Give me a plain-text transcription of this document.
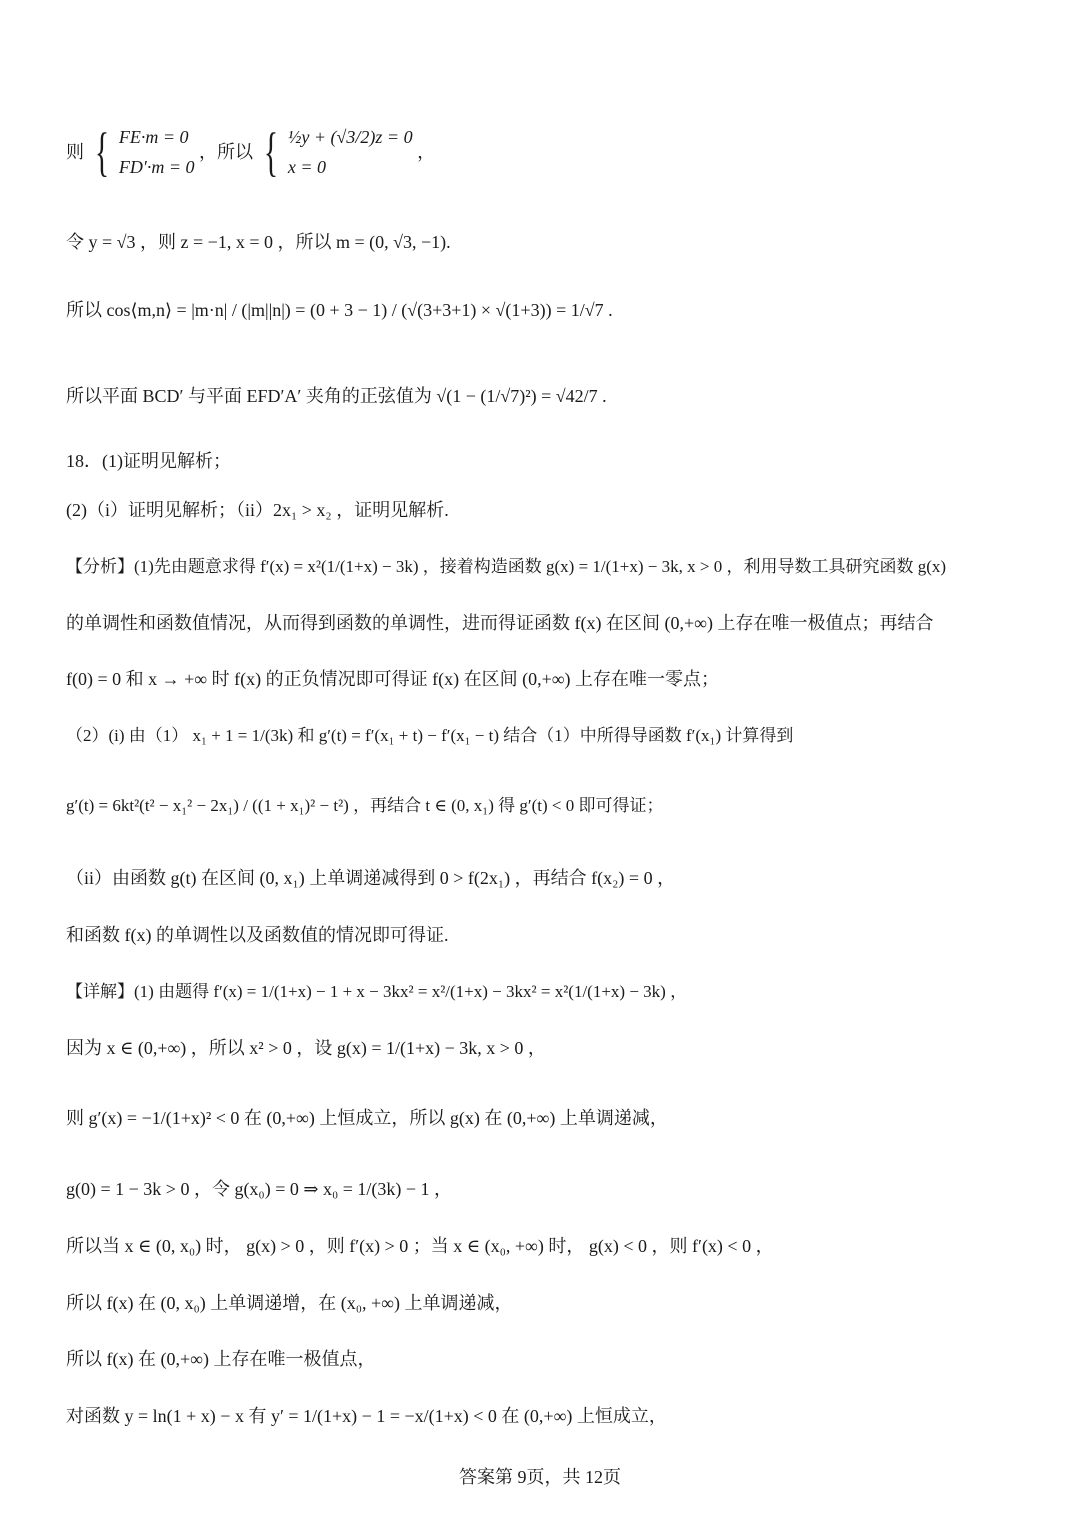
则 { FE·m = 0
FD′·m = 0
，所以 { ½y + (√3/2)z = 0
x = 0
，
令 y = √3 ，则 z = −1, x = 0 ，所以 m = (0, √3, −1).
所以 cos⟨m,n⟩ = |m·n| / (|m||n|) = (0 + 3 − 1) / (√(3+3+1) × √(1+3)) = 1/√7 .
所以平面 BCD′ 与平面 EFD′A′ 夹角的正弦值为 √(1 − (1/√7)²) = √42/7 .
18．(1)证明见解析；
(2)（i）证明见解析；（ii）2x₁ > x₂ ，证明见解析.
【分析】(1)先由题意求得 f′(x) = x²(1/(1+x) − 3k) ，接着构造函数 g(x) = 1/(1+x) − 3k, x > 0 ，利用导数工具研究函数 g(x)
的单调性和函数值情况，从而得到函数的单调性，进而得证函数 f(x) 在区间 (0,+∞) 上存在唯一极值点；再结合
f(0) = 0 和 x → +∞ 时 f(x) 的正负情况即可得证 f(x) 在区间 (0,+∞) 上存在唯一零点；
（2）(i) 由（1） x₁ + 1 = 1/(3k) 和 g′(t) = f′(x₁ + t) − f′(x₁ − t) 结合（1）中所得导函数 f′(x₁) 计算得到
g′(t) = 6kt²(t² − x₁² − 2x₁) / ((1 + x₁)² − t²) ，再结合 t ∈ (0, x₁) 得 g′(t) < 0 即可得证；
（ii）由函数 g(t) 在区间 (0, x₁) 上单调递减得到 0 > f(2x₁) ，再结合 f(x₂) = 0 ，
和函数 f(x) 的单调性以及函数值的情况即可得证.
【详解】(1) 由题得 f′(x) = 1/(1+x) − 1 + x − 3kx² = x²/(1+x) − 3kx² = x²(1/(1+x) − 3k) ，
因为 x ∈ (0,+∞) ，所以 x² > 0 ，设 g(x) = 1/(1+x) − 3k, x > 0 ，
则 g′(x) = −1/(1+x)² < 0 在 (0,+∞) 上恒成立，所以 g(x) 在 (0,+∞) 上单调递减，
g(0) = 1 − 3k > 0 ，令 g(x₀) = 0 ⇒ x₀ = 1/(3k) − 1 ，
所以当 x ∈ (0, x₀) 时， g(x) > 0 ，则 f′(x) > 0 ；当 x ∈ (x₀, +∞) 时， g(x) < 0 ，则 f′(x) < 0 ，
所以 f(x) 在 (0, x₀) 上单调递增，在 (x₀, +∞) 上单调递减，
所以 f(x) 在 (0,+∞) 上存在唯一极值点，
对函数 y = ln(1 + x) − x 有 y′ = 1/(1+x) − 1 = −x/(1+x) < 0 在 (0,+∞) 上恒成立，
答案第 9页，共 12页
